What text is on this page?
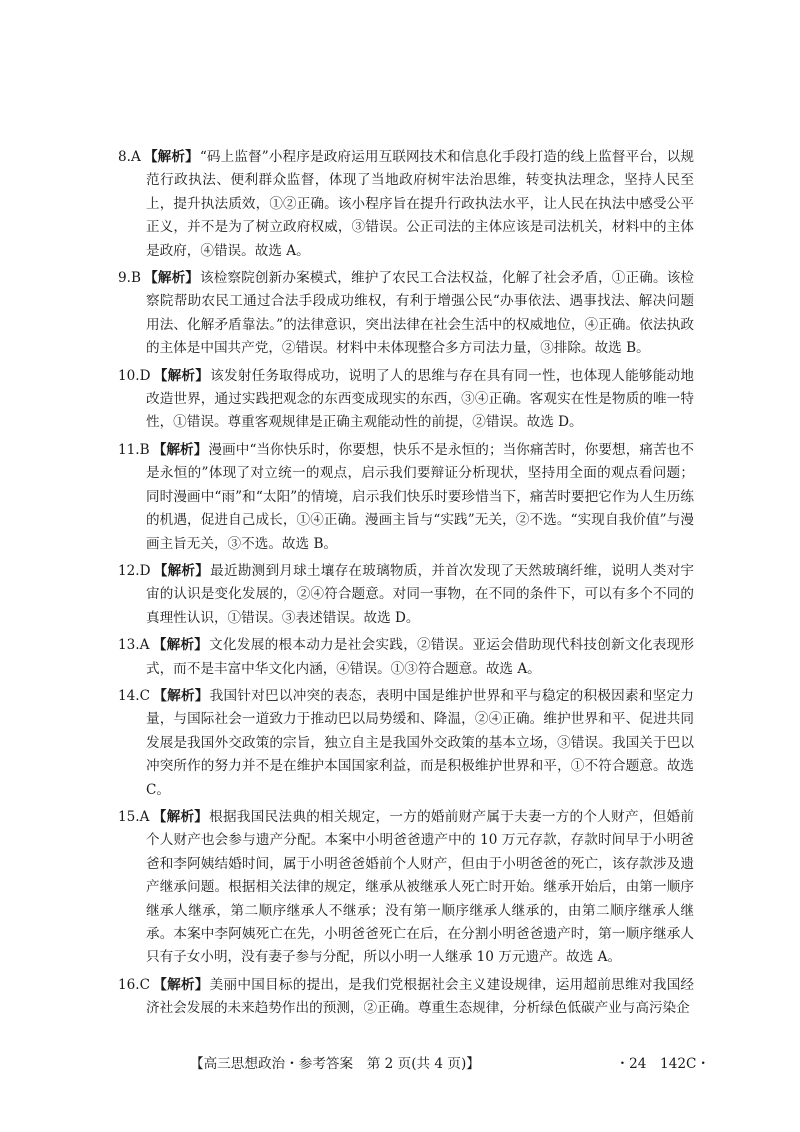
8.A 【解析】“码上监督”小程序是政府运用互联网技术和信息化手段打造的线上监督平台，以规范行政执法、便利群众监督，体现了当地政府树牢法治思维，转变执法理念，坚持人民至上，提升执法质效，①②正确。该小程序旨在提升行政执法水平，让人民在执法中感受公平正义，并不是为了树立政府权威，③错误。公正司法的主体应该是司法机关，材料中的主体是政府，④错误。故选 A。

9.B 【解析】该检察院创新办案模式，维护了农民工合法权益，化解了社会矛盾，①正确。该检察院帮助农民工通过合法手段成功维权，有利于增强公民“办事依法、遇事找法、解决问题用法、化解矛盾靠法。”的法律意识，突出法律在社会生活中的权威地位，④正确。依法执政的主体是中国共产党，②错误。材料中未体现整合多方司法力量，③排除。故选 B。

10.D 【解析】该发射任务取得成功，说明了人的思维与存在具有同一性，也体现人能够能动地改造世界，通过实践把观念的东西变成现实的东西，③④正确。客观实在性是物质的唯一特性，①错误。尊重客观规律是正确主观能动性的前提，②错误。故选 D。

11.B 【解析】漫画中“当你快乐时，你要想，快乐不是永恒的；当你痛苦时，你要想，痛苦也不是永恒的”体现了对立统一的观点，启示我们要辩证分析现状，坚持用全面的观点看问题；同时漫画中“雨”和“太阳”的情境，启示我们快乐时要珍惜当下，痛苦时要把它作为人生历练的机遇，促进自己成长，①④正确。漫画主旨与“实践”无关，②不选。“实现自我价值”与漫画主旨无关，③不选。故选 B。

12.D 【解析】最近勘测到月球土壤存在玻璃物质，并首次发现了天然玻璃纤维，说明人类对宇宙的认识是变化发展的，②④符合题意。对同一事物，在不同的条件下，可以有多个不同的真理性认识，①错误。③表述错误。故选 D。

13.A 【解析】文化发展的根本动力是社会实践，②错误。亚运会借助现代科技创新文化表现形式，而不是丰富中华文化内涵，④错误。①③符合题意。故选 A。

14.C 【解析】我国针对巴以冲突的表态，表明中国是维护世界和平与稳定的积极因素和坚定力量，与国际社会一道致力于推动巴以局势缓和、降温，②④正确。维护世界和平、促进共同发展是我国外交政策的宗旨，独立自主是我国外交政策的基本立场，③错误。我国关于巴以冲突所作的努力并不是在维护本国国家利益，而是积极维护世界和平，①不符合题意。故选 C。

15.A 【解析】根据我国民法典的相关规定，一方的婚前财产属于夫妻一方的个人财产，但婚前个人财产也会参与遗产分配。本案中小明爸爸遗产中的 10 万元存款，存款时间早于小明爸爸和李阿姨结婚时间，属于小明爸爸婚前个人财产，但由于小明爸爸的死亡，该存款涉及遗产继承问题。根据相关法律的规定，继承从被继承人死亡时开始。继承开始后，由第一顺序继承人继承，第二顺序继承人不继承；没有第一顺序继承人继承的，由第二顺序继承人继承。本案中李阿姨死亡在先，小明爸爸死亡在后，在分割小明爸爸遗产时，第一顺序继承人只有子女小明，没有妻子参与分配，所以小明一人继承 10 万元遗产。故选 A。

16.C 【解析】美丽中国目标的提出，是我们党根据社会主义建设规律，运用超前思维对我国经济社会发展的未来趋势作出的预测，②正确。尊重生态规律，分析绿色低碳产业与高污染企

【高三思想政治・参考答案　第 2 页(共 4 页)】	・24　142C・
